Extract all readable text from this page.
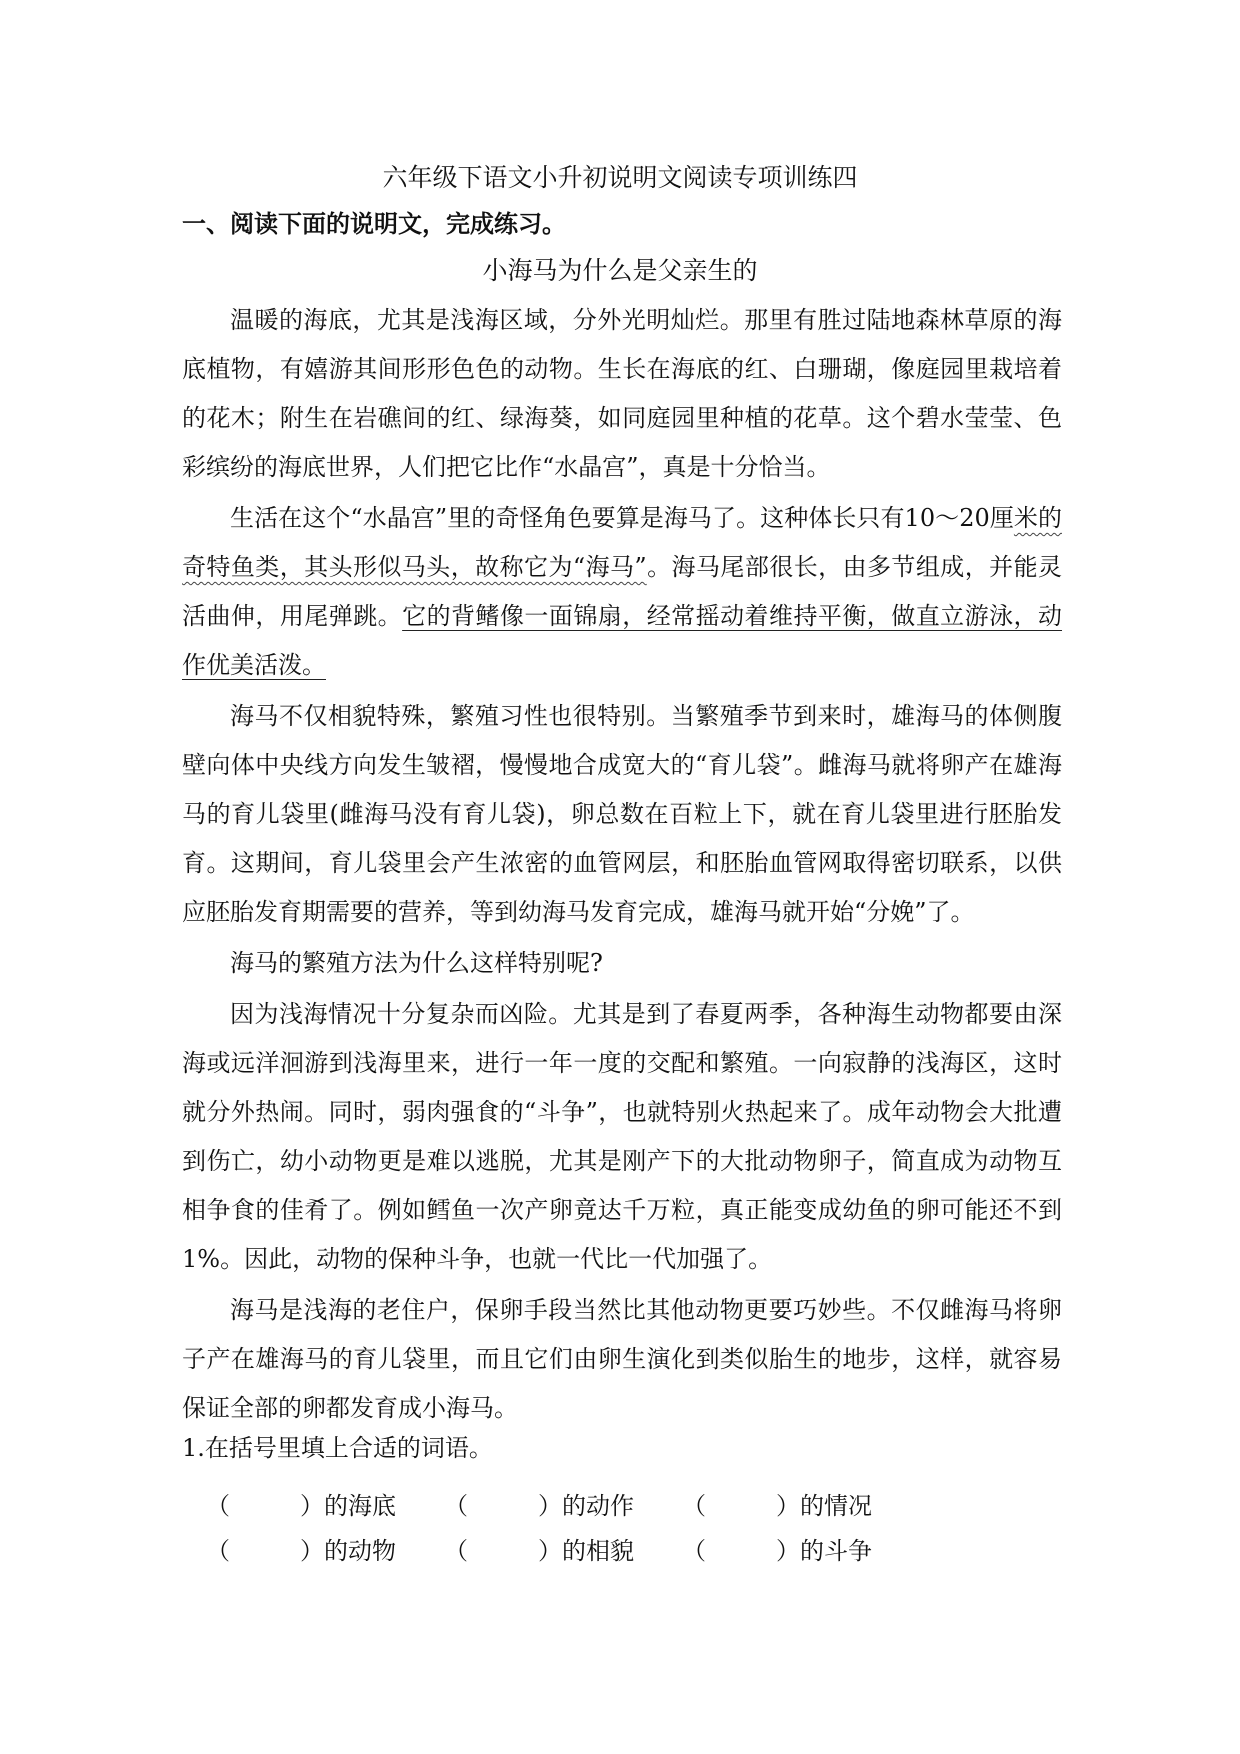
六年级下语文小升初说明文阅读专项训练四
一、阅读下面的说明文，完成练习。
小海马为什么是父亲生的

温暖的海底，尤其是浅海区域，分外光明灿烂。那里有胜过陆地森林草原的海底植物，有嬉游其间形形色色的动物。生长在海底的红、白珊瑚，像庭园里栽培着的花木；附生在岩礁间的红、绿海葵，如同庭园里种植的花草。这个碧水莹莹、色彩缤纷的海底世界，人们把它比作“水晶宫”，真是十分恰当。

生活在这个“水晶宫”里的奇怪角色要算是海马了。这种体长只有10～20厘米的奇特鱼类，其头形似马头，故称它为“海马”。海马尾部很长，由多节组成，并能灵活曲伸，用尾弹跳。它的背鳍像一面锦扇，经常摇动着维持平衡，做直立游泳，动作优美活泼。

海马不仅相貌特殊，繁殖习性也很特别。当繁殖季节到来时，雄海马的体侧腹壁向体中央线方向发生皱褶，慢慢地合成宽大的“育儿袋”。雌海马就将卵产在雄海马的育儿袋里(雌海马没有育儿袋)，卵总数在百粒上下，就在育儿袋里进行胚胎发育。这期间，育儿袋里会产生浓密的血管网层，和胚胎血管网取得密切联系，以供应胚胎发育期需要的营养，等到幼海马发育完成，雄海马就开始“分娩”了。

海马的繁殖方法为什么这样特别呢?

因为浅海情况十分复杂而凶险。尤其是到了春夏两季，各种海生动物都要由深海或远洋洄游到浅海里来，进行一年一度的交配和繁殖。一向寂静的浅海区，这时就分外热闹。同时，弱肉强食的“斗争”，也就特别火热起来了。成年动物会大批遭到伤亡，幼小动物更是难以逃脱，尤其是刚产下的大批动物卵子，简直成为动物互相争食的佳肴了。例如鳕鱼一次产卵竟达千万粒，真正能变成幼鱼的卵可能还不到1%。因此，动物的保种斗争，也就一代比一代加强了。

海马是浅海的老住户，保卵手段当然比其他动物更要巧妙些。不仅雌海马将卵子产在雄海马的育儿袋里，而且它们由卵生演化到类似胎生的地步，这样，就容易保证全部的卵都发育成小海马。

1.在括号里填上合适的词语。
（	） 的海底 （	） 的动作 （	） 的情况
（	） 的动物 （	） 的相貌 （	） 的斗争
